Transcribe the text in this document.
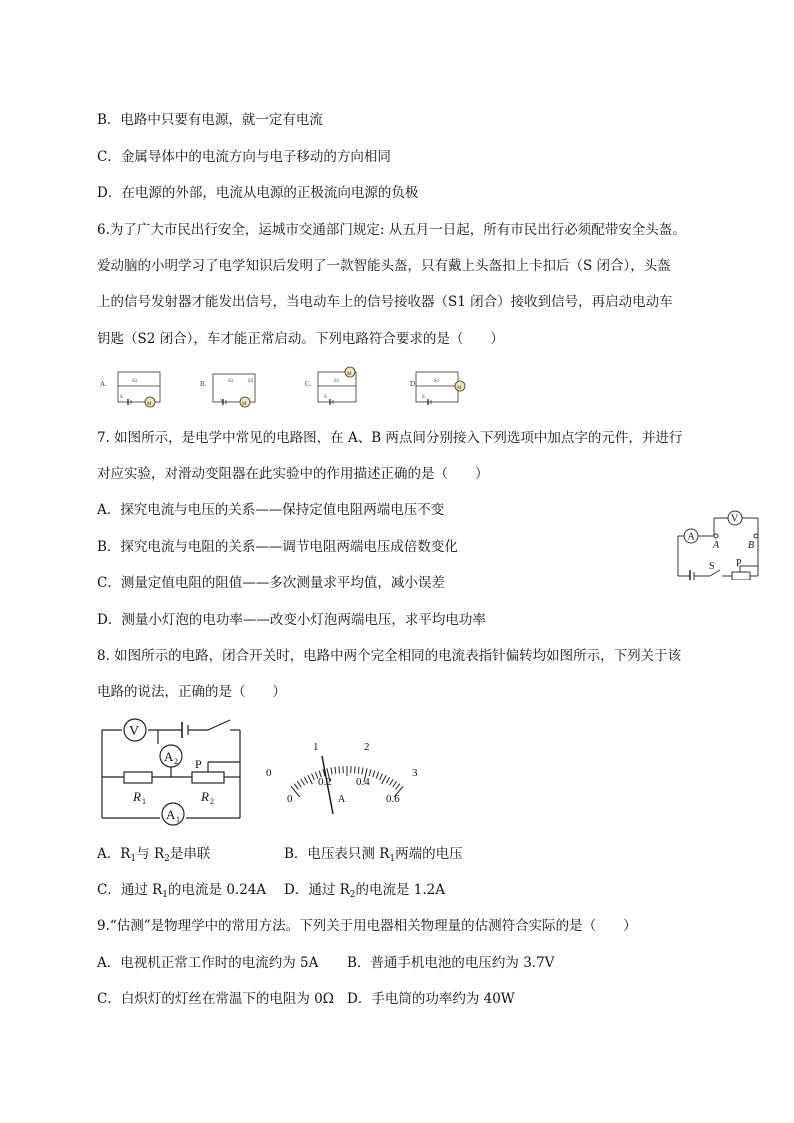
B．电路中只要有电源，就一定有电流
C．金属导体中的电流方向与电子移动的方向相同
D．在电源的外部，电流从电源的正极流向电源的负极
6.为了广大市民出行安全，运城市交通部门规定: 从五月一日起，所有市民出行必须配带安全头盔。
爱动脑的小明学习了电学知识后发明了一款智能头盔，只有戴上头盔扣上卡扣后（S 闭合），头盔
上的信号发射器才能发出信号，当电动车上的信号接收器（S1 闭合）接收到信号，再启动电动车
钥匙（S2 闭合），车才能正常启动。下列电路符合要求的是（　　）
A.	B.	C.	D.
M	M
M
M
S
S
S	S
S1	S1	S2	S1	S1
7. 如图所示，是电学中常见的电路图，在 A、B 两点间分别接入下列选项中加点字的元件，并进行
对应实验，对滑动变阻器在此实验中的作用描述正确的是（　　）
A．探究电流与电压的关系——保持定值电阻两端电压不变
B．探究电流与电阻的关系——调节电阻两端电压成倍数变化
C．测量定值电阻的阻值——多次测量求平均值，减小误差
D．测量小灯泡的电功率——改变小灯泡两端电压，求平均电功率
A
V
A	B
S P
8. 如图所示的电路，闭合开关时，电路中两个完全相同的电流表指针偏转均如图所示，下列关于该
电路的说法，正确的是（　　）
V
A 2 P
R 1	R 2
A 1
0
1	2
3
0
0.2 0.4
0.6
A
A．$R_1$与 $R_2$是串联	B．电压表只测 $R_1$两端的电压
C．通过 $R_1$的电流是 0.24A D．通过 $R_2$的电流是 1.2A
9.“估测”是物理学中的常用方法。下列关于用电器相关物理量的估测符合实际的是（　　）
A．电视机正常工作时的电流约为 5A B．普通手机电池的电压约为 3.7V
C．白炽灯的灯丝在常温下的电阻为 0Ω D．手电筒的功率约为 40W
